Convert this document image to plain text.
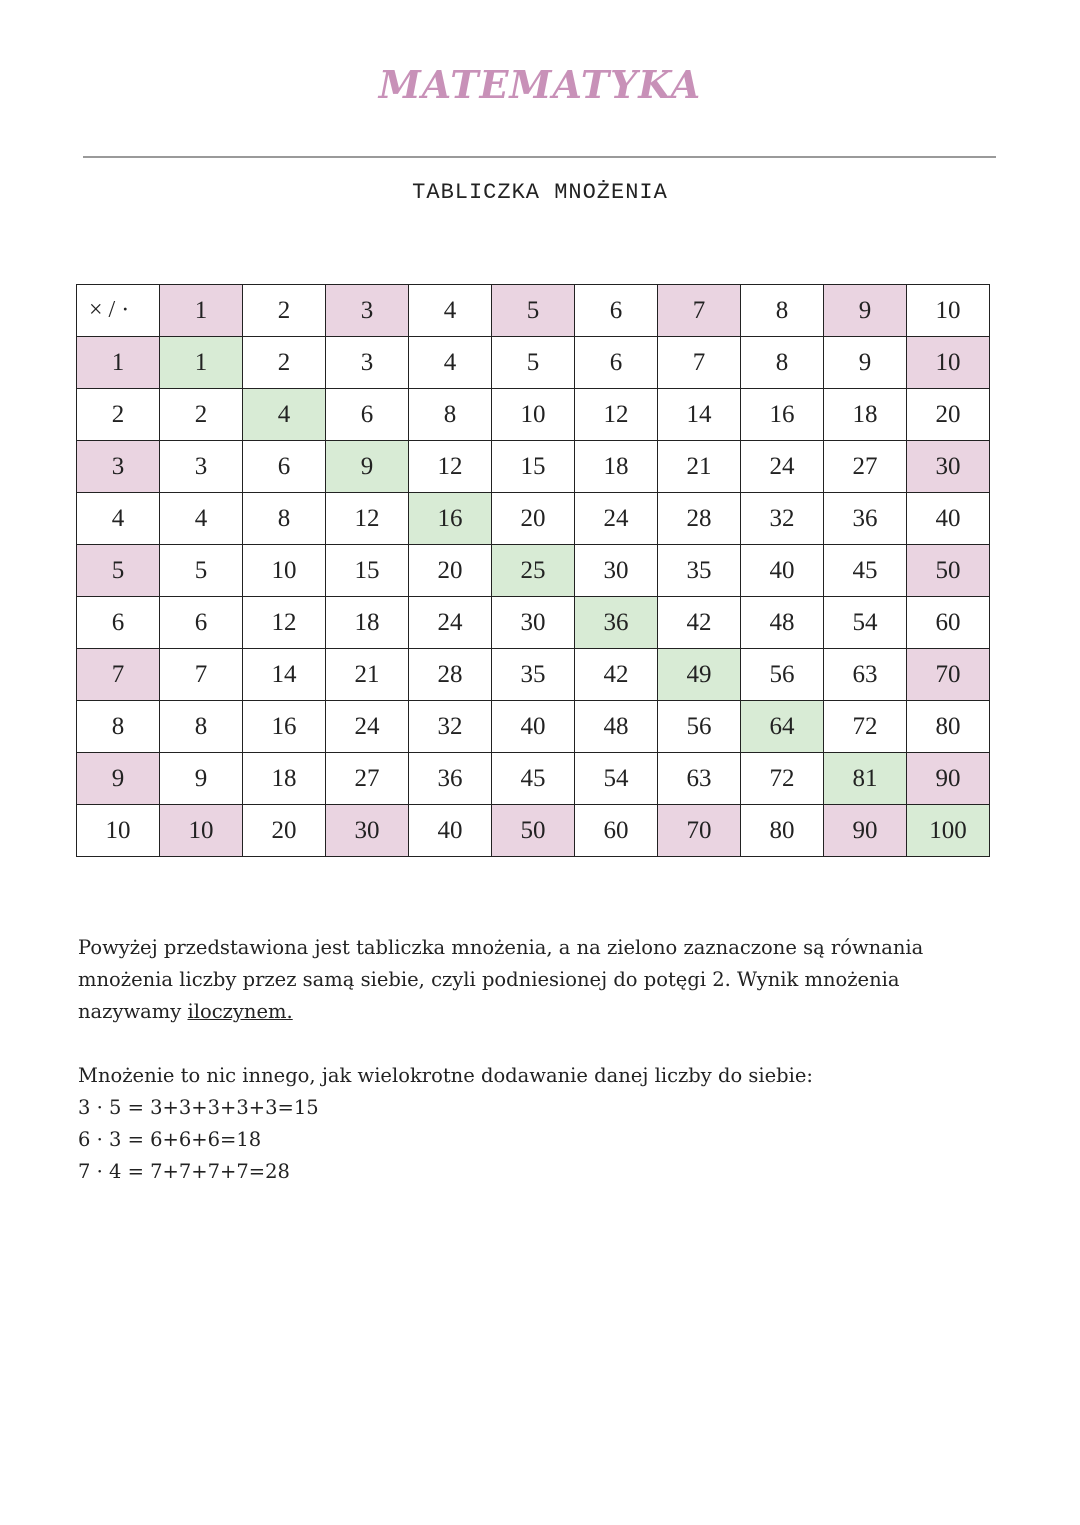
MATEMATYKA
TABLICZKA MNOŻENIA
× / ·	1	2	3	4	5	6	7	8	9	10
1	1	2	3	4	5	6	7	8	9	10
2	2	4	6	8	10	12	14	16	18	20
3	3	6	9	12	15	18	21	24	27	30
4	4	8	12	16	20	24	28	32	36	40
5	5	10	15	20	25	30	35	40	45	50
6	6	12	18	24	30	36	42	48	54	60
7	7	14	21	28	35	42	49	56	63	70
8	8	16	24	32	40	48	56	64	72	80
9	9	18	27	36	45	54	63	72	81	90
10	10	20	30	40	50	60	70	80	90	100
Powyżej przedstawiona jest tabliczka mnożenia, a na zielono zaznaczone są równania
mnożenia liczby przez samą siebie, czyli podniesionej do potęgi 2. Wynik mnożenia
nazywamy iloczynem.
Mnożenie to nic innego, jak wielokrotne dodawanie danej liczby do siebie:
3 · 5 = 3+3+3+3+3=15
6 · 3 = 6+6+6=18
7 · 4 = 7+7+7+7=28
